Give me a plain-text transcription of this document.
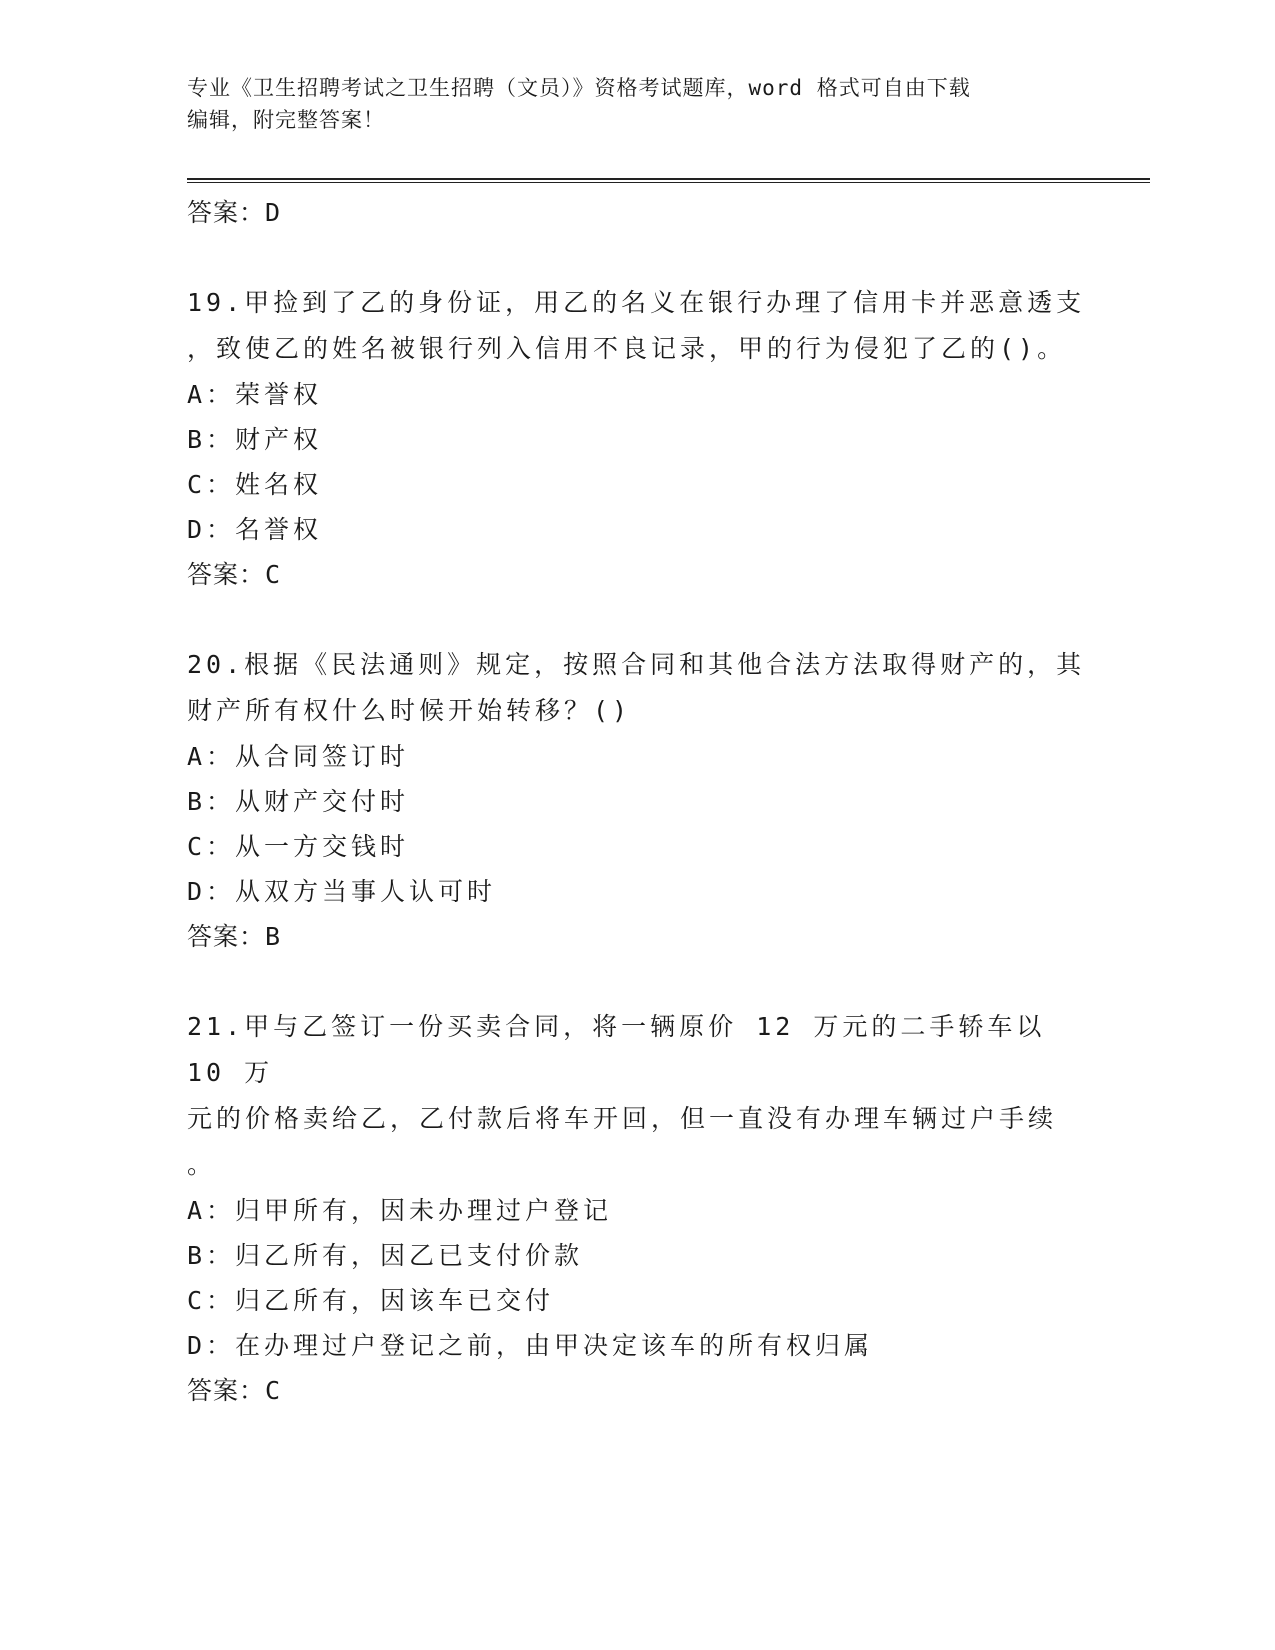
专业《卫生招聘考试之卫生招聘（文员）》资格考试题库，word 格式可自由下载
编辑，附完整答案！
答案：D
19.甲捡到了乙的身份证，用乙的名义在银行办理了信用卡并恶意透支
，致使乙的姓名被银行列入信用不良记录，甲的行为侵犯了乙的()。
A：荣誉权
B：财产权
C：姓名权
D：名誉权
答案：C
20.根据《民法通则》规定，按照合同和其他合法方法取得财产的，其
财产所有权什么时候开始转移？()
A：从合同签订时
B：从财产交付时
C：从一方交钱时
D：从双方当事人认可时
答案：B
21.甲与乙签订一份买卖合同，将一辆原价 12 万元的二手轿车以 10 万
元的价格卖给乙，乙付款后将车开回，但一直没有办理车辆过户手续
。
A：归甲所有，因未办理过户登记
B：归乙所有，因乙已支付价款
C：归乙所有，因该车已交付
D：在办理过户登记之前，由甲决定该车的所有权归属
答案：C
